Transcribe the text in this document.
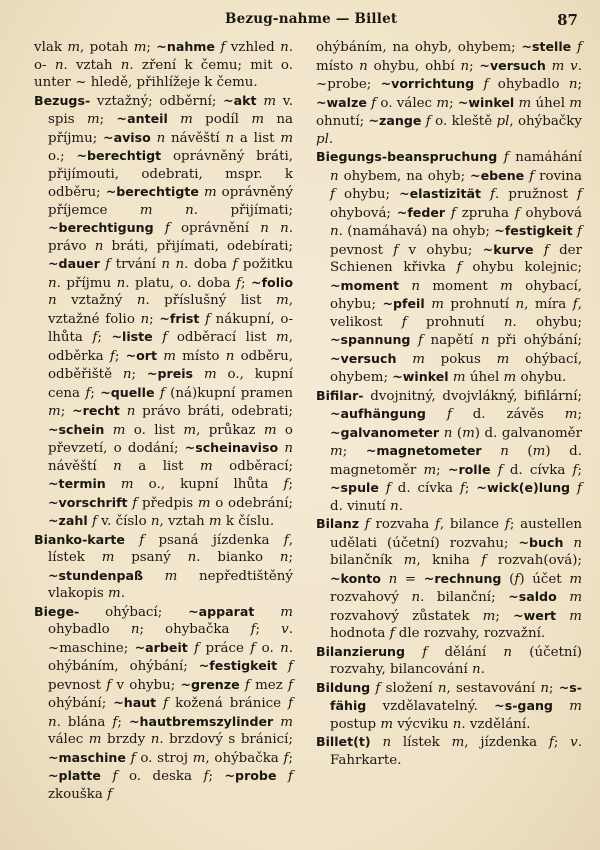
Bezug-nahme — Billet	87

vlak m, potah m; ~nahme f vzhled n. o- n. vztah n. zření k čemu; mit o. unter ~ hledě, přihlížeje k čemu.

Bezugs- vztažný; odběrní; ~akt m v. spis m; ~anteil m podíl m na příjmu; ~aviso n návěští n a list m o.; ~berechtigt oprávněný bráti, přijímouti, odebrati, mspr. k odběru; ~berechtigte m oprávněný příjemce m n. přijímati; ~berechtigung f oprávnění n n. právo n bráti, přijímati, odebírati; ~dauer f trvání n n. doba f požitku n. příjmu n. platu, o. doba f; ~folio n vztažný n. příslušný list m, vztažné folio n; ~frist f nákupní, o- lhůta f; ~liste f odběrací list m, odběrka f; ~ort m místo n odběru, odběřiště n; ~preis m o., kupní cena f; ~quelle f (ná)kupní pramen m; ~recht n právo bráti, odebrati; ~schein m o. list m, průkaz m o převzetí, o dodání; ~scheinaviso n návěští n a list m odběrací; ~termin m o., kupní lhůta f; ~vorschrift f předpis m o odebrání; ~zahl f v. číslo n, vztah m k číslu.

Bianko-karte f psaná jízdenka f, lístek m psaný n. bianko n; ~stundenpaß m nepředtištěný vlakopis m.

Biege- ohýbací; ~apparat m ohybadlo n; ohybačka f; v. ~maschine; ~arbeit f práce f o. n. ohýbáním, ohýbání; ~festigkeit f pevnost f v ohybu; ~grenze f mez f ohýbání; ~haut f kožená bránice f n. blána f; ~hautbremszylinder m válec m brzdy n. brzdový s bránicí; ~maschine f o. stroj m, ohýbačka f; ~platte f o. deska f; ~probe f zkouška f

ohýbáním, na ohyb, ohybem; ~stelle f místo n ohybu, ohbí n; ~versuch m v. ~probe; ~vorrichtung f ohybadlo n; ~walze f o. válec m; ~winkel m úhel m ohnutí; ~zange f o. kleště pl, ohýbačky pl.

Biegungs-beanspruchung f namáhání n ohybem, na ohyb; ~ebene f rovina f ohybu; ~elastizität f. pružnost f ohybová; ~feder f zpruha f ohybová n. (namáhavá) na ohyb; ~festigkeit f pevnost f v ohybu; ~kurve f der Schienen křivka f ohybu kolejnic; ~moment n moment m ohybací, ohybu; ~pfeil m prohnutí n, míra f, velikost f prohnutí n. ohybu; ~spannung f napětí n při ohýbání; ~versuch m pokus m ohýbací, ohybem; ~winkel m úhel m ohybu.

Bifilar- dvojnitný, dvojvlákný, bifilární; ~aufhängung f d. závěs m; ~galvanometer n (m) d. galvanoměr m; ~magnetometer n (m) d. magnetoměr m; ~rolle f d. cívka f; ~spule f d. cívka f; ~wick(e)lung f d. vinutí n.

Bilanz f rozvaha f, bilance f; austellen udělati (účetní) rozvahu; ~buch n bilančník m, kniha f rozvah(ová); ~konto n = ~rechnung (f) účet m rozvahový n. bilanční; ~saldo m rozvahový zůstatek m; ~wert m hodnota f dle rozvahy, rozvažní.

Bilanzierung f dělání n (účetní) rozvahy, bilancování n.

Bildung f složení n, sestavování n; ~s-fähig vzdělavatelný. ~s-gang m postup m výcviku n. vzdělání.

Billet(t) n lístek m, jízdenka f; v. Fahrkarte.
